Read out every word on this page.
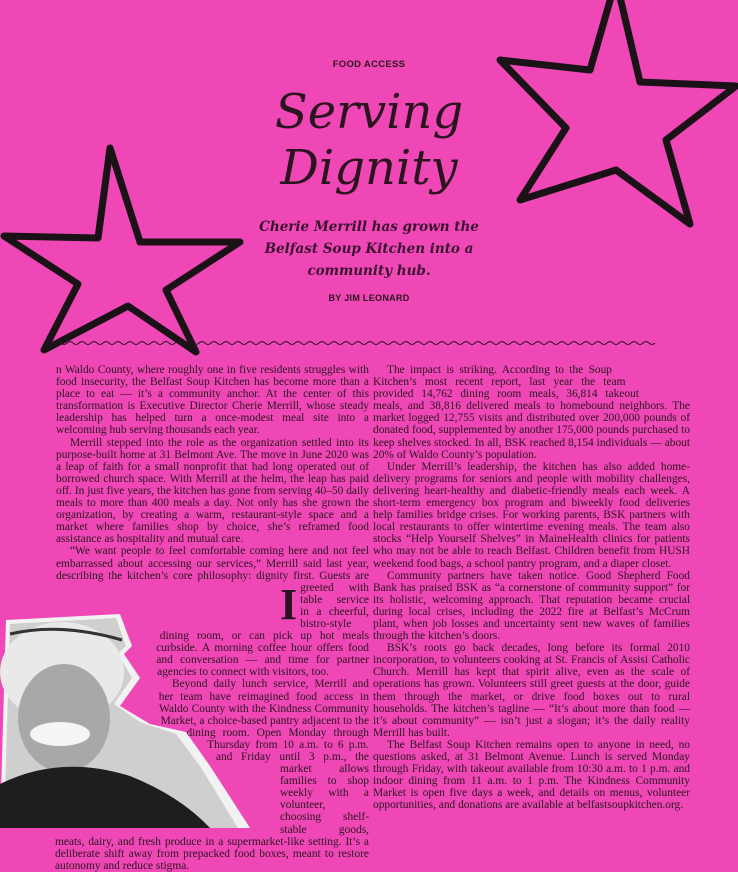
FOOD ACCESS
Serving
Dignity
Cherie Merrill has grown the Belfast Soup Kitchen into a community hub.
BY JIM LEONARD

I
n Waldo County, where roughly one in five residents struggles with food insecurity, the Belfast Soup Kitchen has become more than a place to eat — it’s a community anchor. At the center of this transformation is Executive Director Cherie Merrill, whose steady leadership has helped turn a once-modest meal site into a welcoming hub serving thousands each year.

Merrill stepped into the role as the organization settled into its purpose-built home at 31 Belmont Ave. The move in June 2020 was a leap of faith for a small nonprofit that had long operated out of borrowed church space. With Merrill at the helm, the leap has paid off. In just five years, the kitchen has gone from serving 40–50 daily meals to more than 400 meals a day. Not only has she grown the organization, by creating a warm, restaurant-style space and a market where families shop by choice, she’s reframed food assistance as hospitality and mutual care.

“We want people to feel comfortable coming here and not feel embarrassed about accessing our services,” Merrill said last year, describing the kitchen’s core philosophy: dignity first. Guests are greeted with table service in a cheerful, bistro-style dining room, or can pick up hot meals curbside. A morning coffee hour offers food and conversation — and time for partner agencies to connect with visitors, too.

Beyond daily lunch service, Merrill and her team have reimagined food access in Waldo County with the Kindness Community Market, a choice-based pantry adjacent to the dining room. Open Monday through Thursday from 10 a.m. to 6 p.m. and Friday until 3 p.m., the market allows families to shop weekly with a volunteer, choosing shelf-stable goods, meats, dairy, and fresh produce in a supermarket-like setting. It’s a deliberate shift away from prepacked food boxes, meant to restore autonomy and reduce stigma.

The impact is striking. According to the Soup Kitchen’s most recent report, last year the team provided 14,762 dining room meals, 36,814 takeout meals, and 38,816 delivered meals to homebound neighbors. The market logged 12,755 visits and distributed over 200,000 pounds of donated food, supplemented by another 175,000 pounds purchased to keep shelves stocked. In all, BSK reached 8,154 individuals — about 20% of Waldo County’s population.

Under Merrill’s leadership, the kitchen has also added home-delivery programs for seniors and people with mobility challenges, delivering heart-healthy and diabetic-friendly meals each week. A short-term emergency box program and biweekly food deliveries help families bridge crises. For working parents, BSK partners with local restaurants to offer wintertime evening meals. The team also stocks “Help Yourself Shelves” in MaineHealth clinics for patients who may not be able to reach Belfast. Children benefit from HUSH weekend food bags, a school pantry program, and a diaper closet.

Community partners have taken notice. Good Shepherd Food Bank has praised BSK as “a cornerstone of community support” for its holistic, welcoming approach. That reputation became crucial during local crises, including the 2022 fire at Belfast’s McCrum plant, when job losses and uncertainty sent new waves of families through the kitchen’s doors.

BSK’s roots go back decades, long before its formal 2010 incorporation, to volunteers cooking at St. Francis of Assisi Catholic Church. Merrill has kept that spirit alive, even as the scale of operations has grown. Volunteers still greet guests at the door, guide them through the market, or drive food boxes out to rural households. The kitchen’s tagline — “It’s about more than food — it’s about community” — isn’t just a slogan; it’s the daily reality Merrill has built.

The Belfast Soup Kitchen remains open to anyone in need, no questions asked, at 31 Belmont Avenue. Lunch is served Monday through Friday, with takeout available from 10:30 a.m. to 1 p.m. and indoor dining from 11 a.m. to 1 p.m. The Kindness Community Market is open five days a week, and details on menus, volunteer opportunities, and donations are available at belfastsoupkitchen.org.
